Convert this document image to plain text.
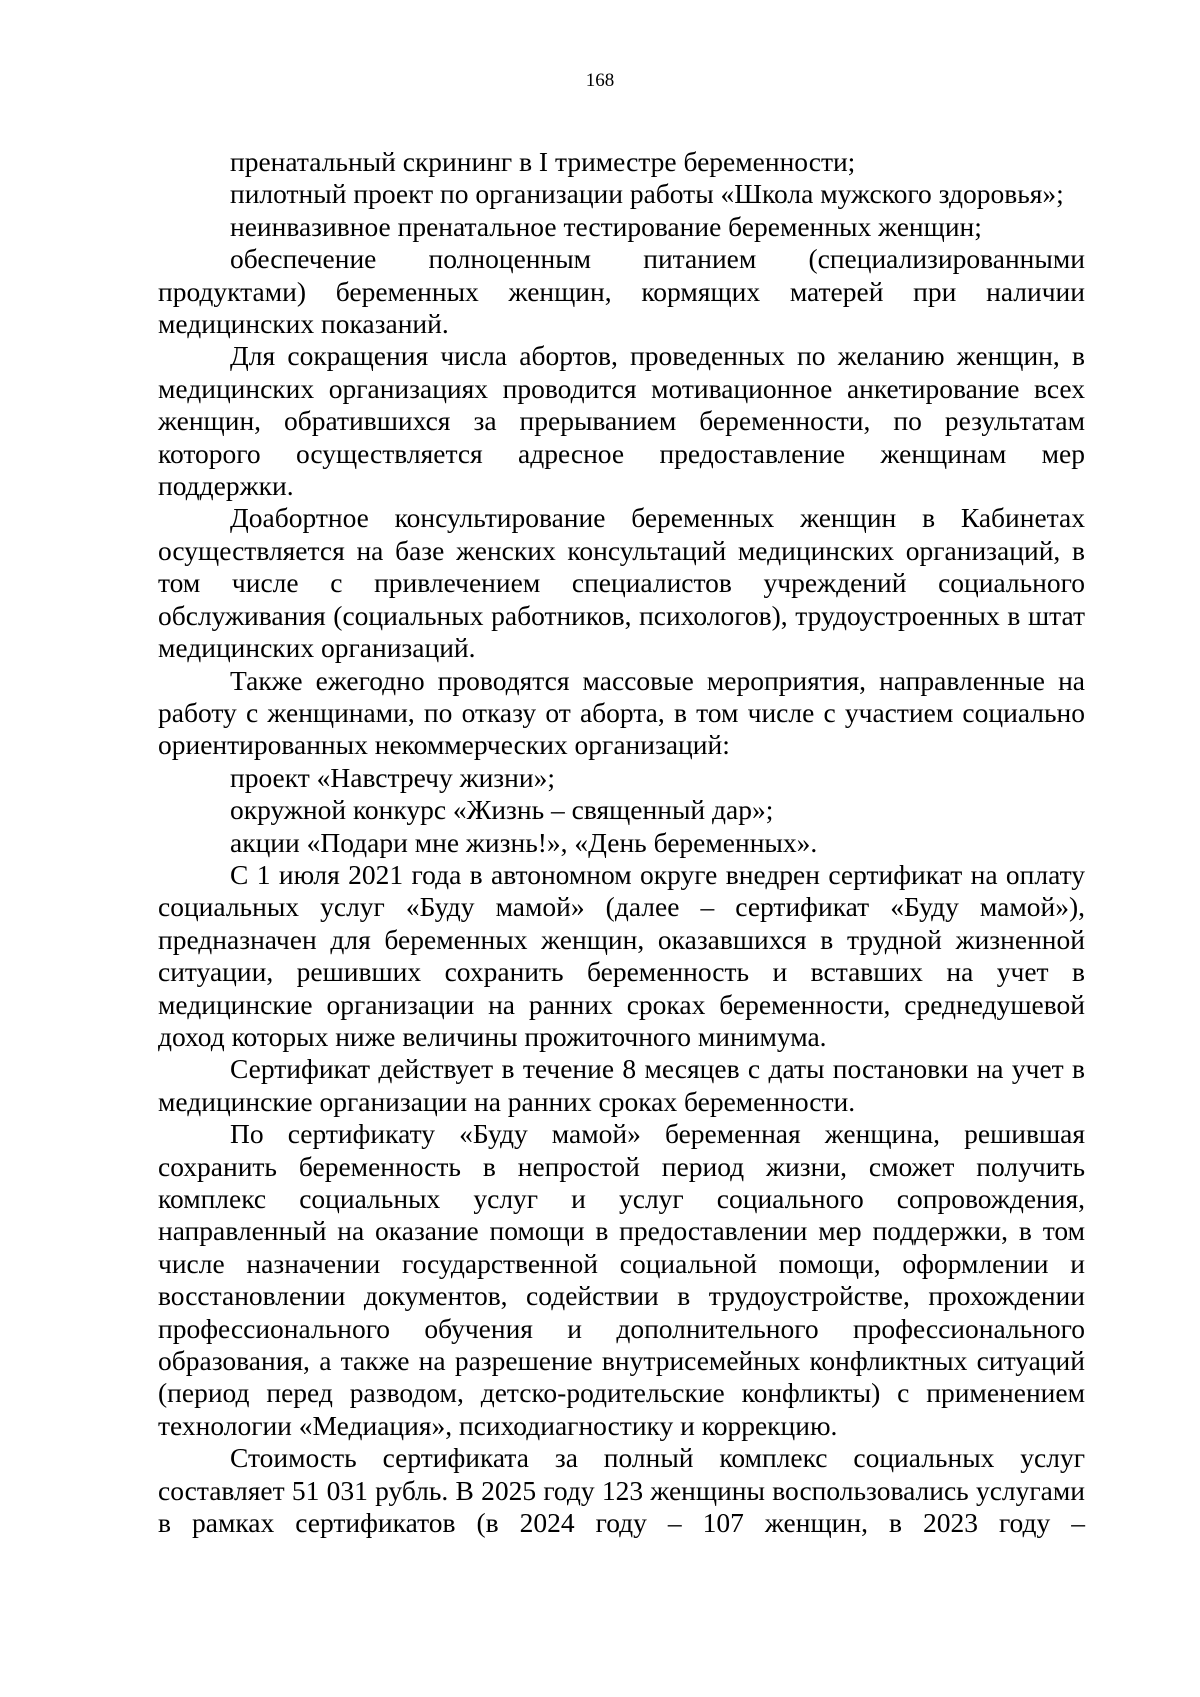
168

пренатальный скрининг в I триместре беременности;

пилотный проект по организации работы «Школа мужского здоровья»;

неинвазивное пренатальное тестирование беременных женщин;

обеспечение полноценным питанием (специализированными продуктами) беременных женщин, кормящих матерей при наличии медицинских показаний.

Для сокращения числа абортов, проведенных по желанию женщин, в медицинских организациях проводится мотивационное анкетирование всех женщин, обратившихся за прерыванием беременности, по результатам которого осуществляется адресное предоставление женщинам мер поддержки.

Доабортное консультирование беременных женщин в Кабинетах осуществляется на базе женских консультаций медицинских организаций, в том числе с привлечением специалистов учреждений социального обслуживания (социальных работников, психологов), трудоустроенных в штат медицинских организаций.

Также ежегодно проводятся массовые мероприятия, направленные на работу с женщинами, по отказу от аборта, в том числе с участием социально ориентированных некоммерческих организаций:

проект «Навстречу жизни»;

окружной конкурс «Жизнь – священный дар»;

акции «Подари мне жизнь!», «День беременных».

С 1 июля 2021 года в автономном округе внедрен сертификат на оплату социальных услуг «Буду мамой» (далее – сертификат «Буду мамой»), предназначен для беременных женщин, оказавшихся в трудной жизненной ситуации, решивших сохранить беременность и вставших на учет в медицинские организации на ранних сроках беременности, среднедушевой доход которых ниже величины прожиточного минимума.

Сертификат действует в течение 8 месяцев с даты постановки на учет в медицинские организации на ранних сроках беременности.

По сертификату «Буду мамой» беременная женщина, решившая сохранить беременность в непростой период жизни, сможет получить комплекс социальных услуг и услуг социального сопровождения, направленный на оказание помощи в предоставлении мер поддержки, в том числе назначении государственной социальной помощи, оформлении и восстановлении документов, содействии в трудоустройстве, прохождении профессионального обучения и дополнительного профессионального образования, а также на разрешение внутрисемейных конфликтных ситуаций (период перед разводом, детско-родительские конфликты) с применением технологии «Медиация», психодиагностику и коррекцию.

Стоимость сертификата за полный комплекс социальных услуг составляет 51 031 рубль. В 2025 году 123 женщины воспользовались услугами в рамках сертификатов (в 2024 году – 107 женщин, в 2023 году –
